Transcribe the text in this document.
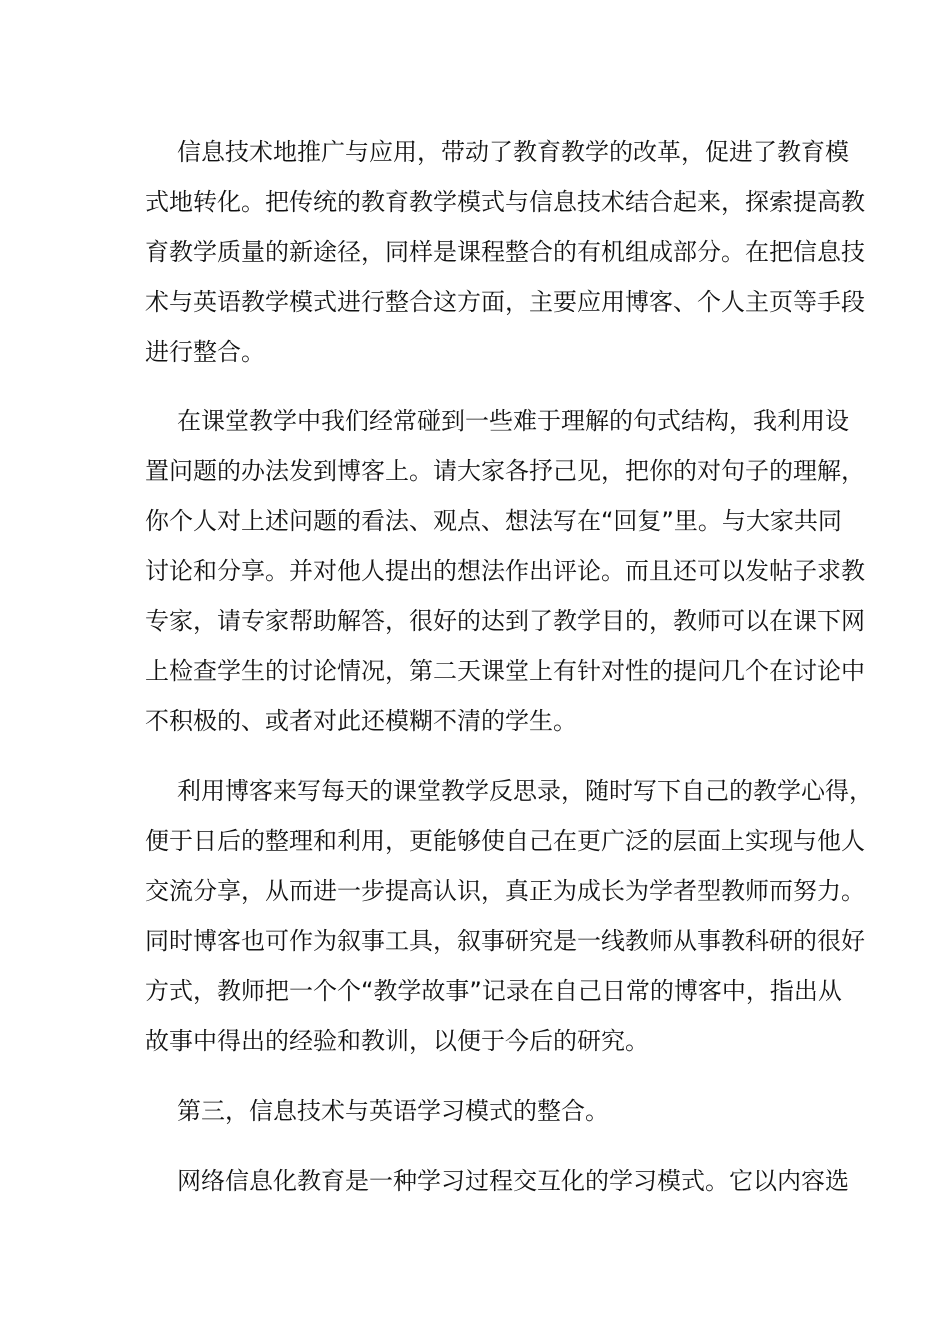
信息技术地推广与应用，带动了教育教学的改革，促进了教育模

式地转化。把传统的教育教学模式与信息技术结合起来，探索提高教

育教学质量的新途径，同样是课程整合的有机组成部分。在把信息技

术与英语教学模式进行整合这方面，主要应用博客、个人主页等手段

进行整合。

在课堂教学中我们经常碰到一些难于理解的句式结构，我利用设

置问题的办法发到博客上。请大家各抒己见，把你的对句子的理解，

你个人对上述问题的看法、观点、想法写在“回复”里。与大家共同

讨论和分享。并对他人提出的想法作出评论。而且还可以发帖子求教

专家，请专家帮助解答，很好的达到了教学目的，教师可以在课下网

上检查学生的讨论情况，第二天课堂上有针对性的提问几个在讨论中

不积极的、或者对此还模糊不清的学生。

利用博客来写每天的课堂教学反思录，随时写下自己的教学心得，

便于日后的整理和利用，更能够使自己在更广泛的层面上实现与他人

交流分享，从而进一步提高认识，真正为成长为学者型教师而努力。

同时博客也可作为叙事工具，叙事研究是一线教师从事教科研的很好

方式，教师把一个个“教学故事”记录在自己日常的博客中，指出从

故事中得出的经验和教训，以便于今后的研究。

第三，信息技术与英语学习模式的整合。

网络信息化教育是一种学习过程交互化的学习模式。它以内容选
